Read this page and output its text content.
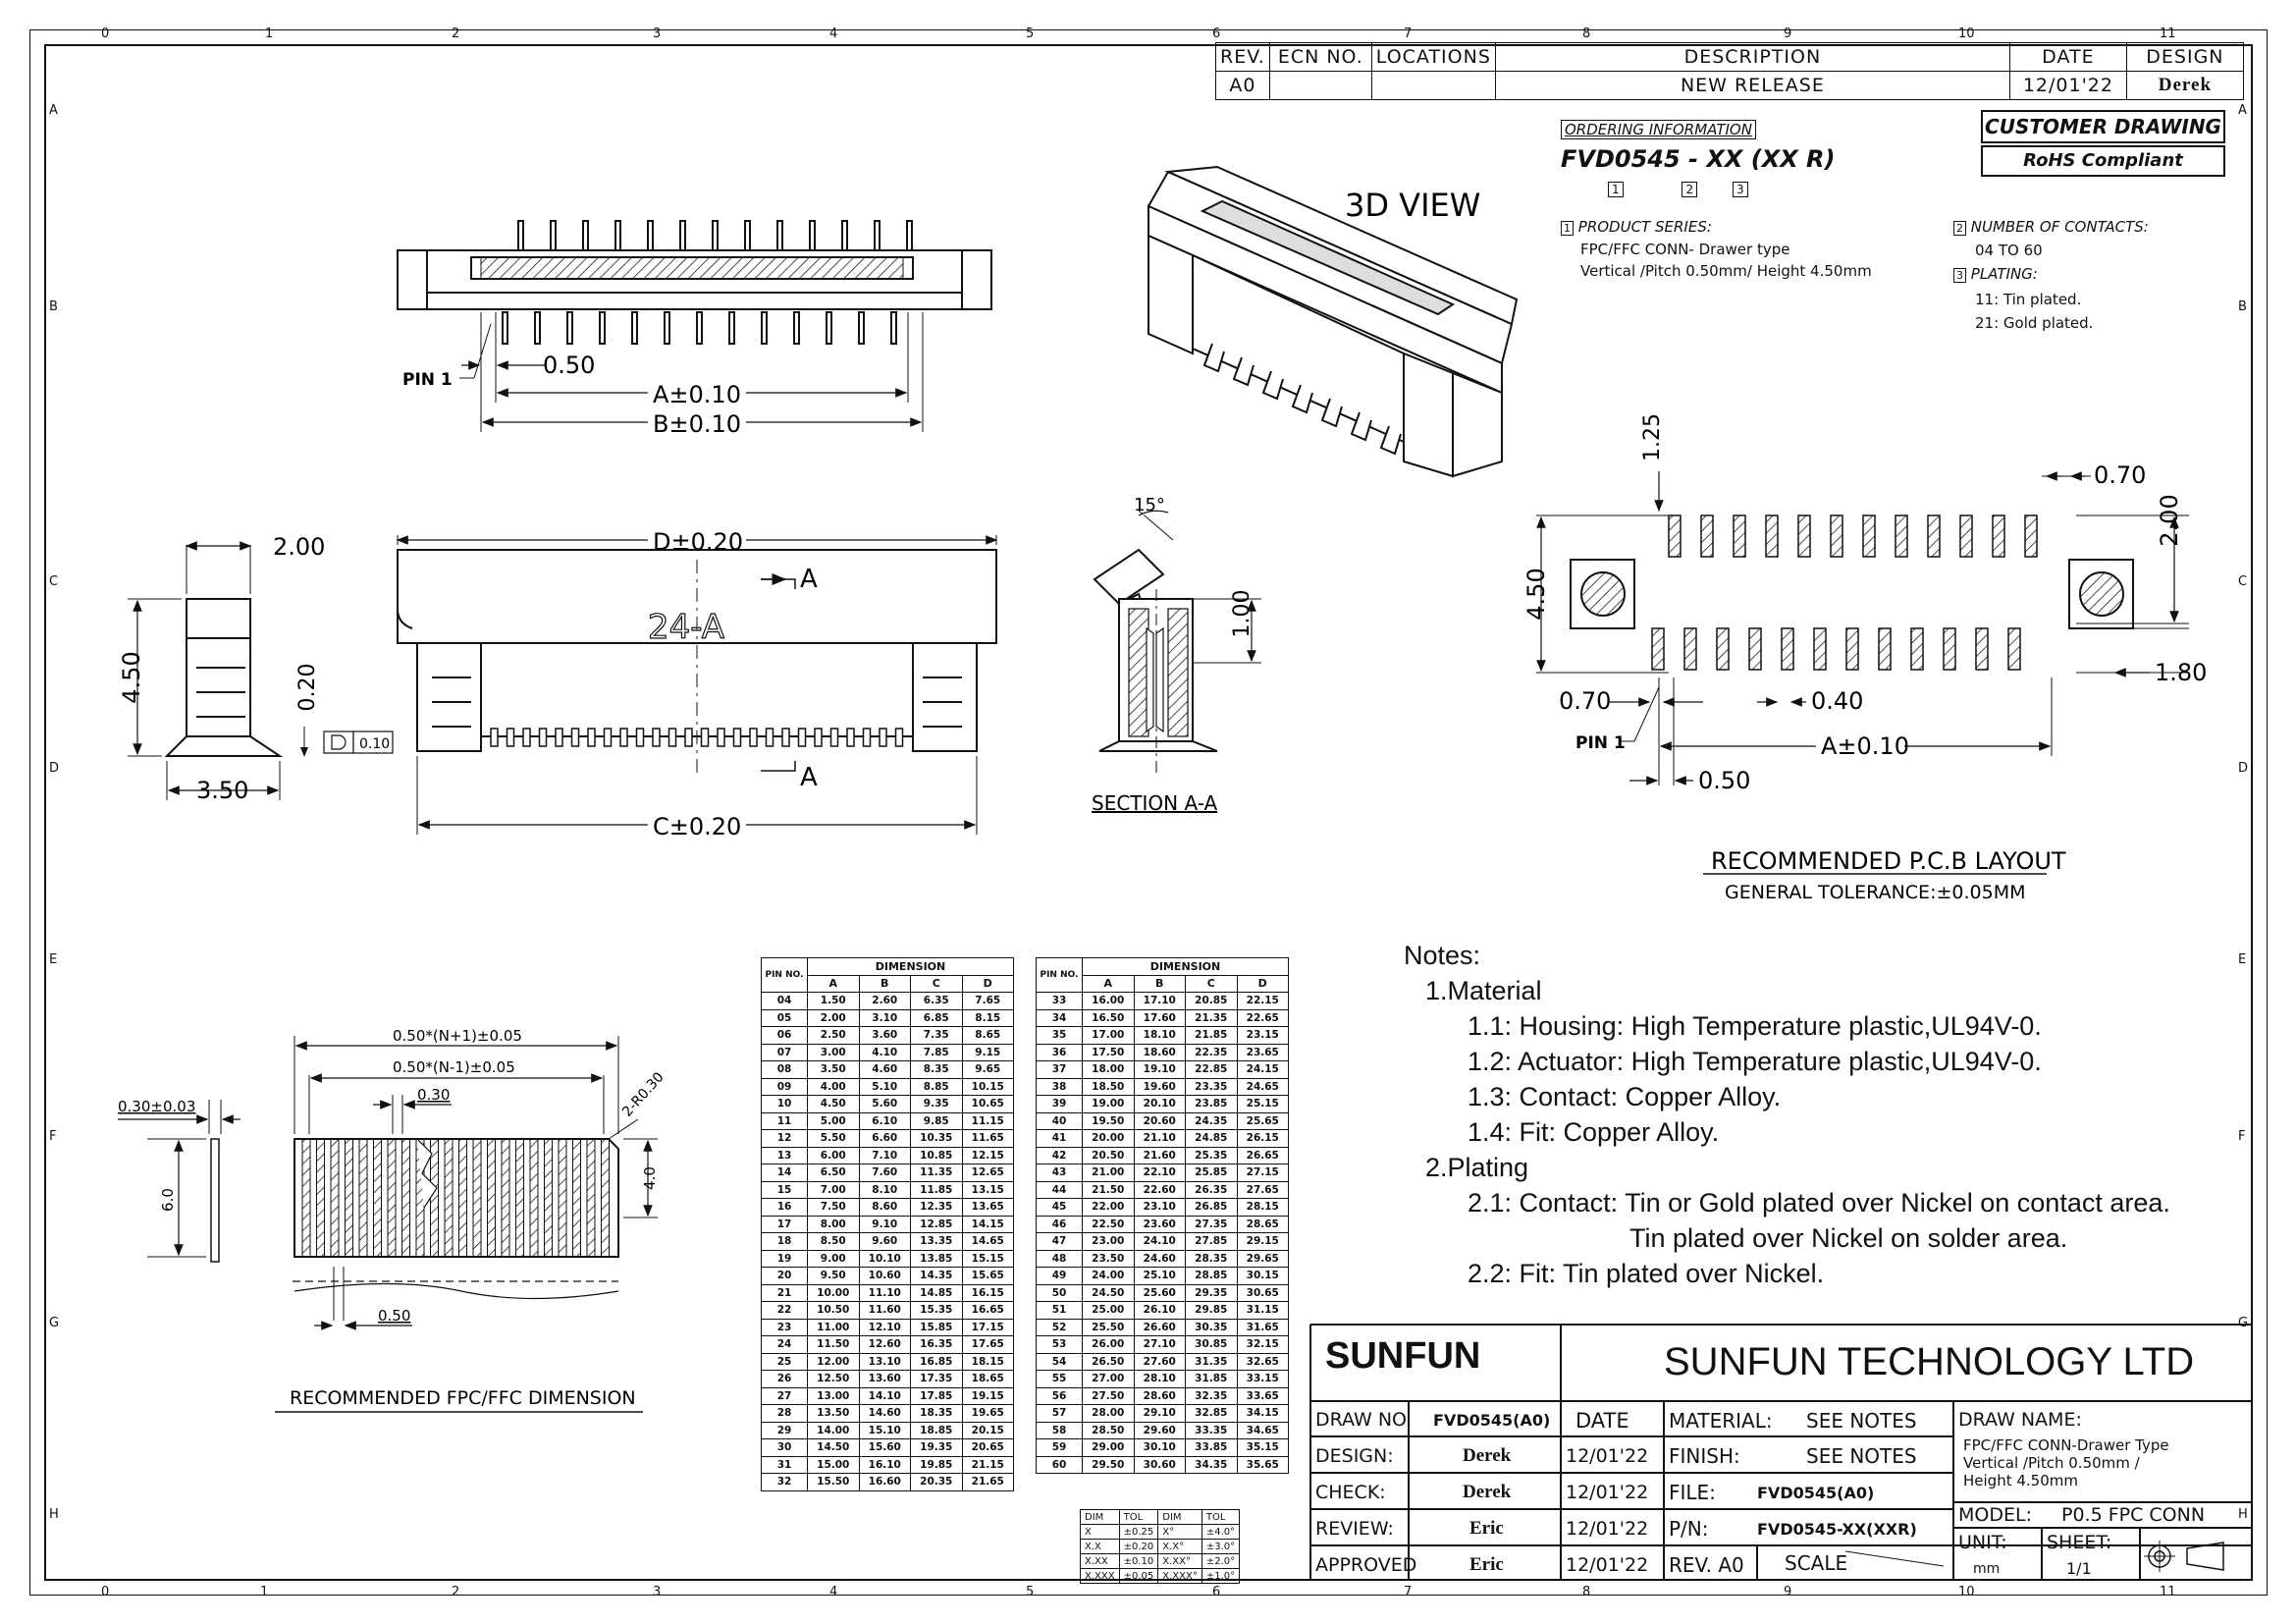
0	1	2	3	4	5	6	7	8	9	10	11
0	1	2	3	4	5	6	7	8	9	10	11
A
B
C
D
E
F
G
H
A
B
C
D
E
F
G
H
REV.	ECN NO.	LOCATIONS	DESCRIPTION	DATE	DESIGN
A0			NEW RELEASE	12/01'22	Derek
ORDERING INFORMATION
FVD0545 - XX (XX R)
1	2	3
1 PRODUCT SERIES:
FPC/FFC CONN- Drawer type
Vertical /Pitch 0.50mm/ Height 4.50mm
2 NUMBER OF CONTACTS:
04 TO 60
3 PLATING:
11: Tin plated.
21: Gold plated.
CUSTOMER DRAWING
RoHS Compliant
PIN 1
0.50
A±0.10
B±0.10
3D VIEW
2.00
4.50	0.20
3.50
0.10
D±0.20
C±0.20
24-A
A
A
15°
1.00
SECTION A-A
1.25
0.70
2.00
4.50
1.80
0.70	0.40
A±0.10
PIN 1
0.50
RECOMMENDED P.C.B LAYOUT
GENERAL TOLERANCE:±0.05MM
0.50*(N+1)±0.05
0.50*(N-1)±0.05
0.30
0.30±0.03	2-R0.30
6.0
4.0
0.50
RECOMMENDED FPC/FFC DIMENSION
Notes:
1.Material
1.1: Housing: High Temperature plastic,UL94V-0.
1.2: Actuator: High Temperature plastic,UL94V-0.
1.3: Contact: Copper Alloy.
1.4: Fit: Copper Alloy.
2.Plating
2.1: Contact: Tin or Gold plated over Nickel on contact area.
Tin plated over Nickel on solder area.
2.2: Fit: Tin plated over Nickel.
PIN NO.	DIMENSION			
	A	B	C	D
04	1.50	2.60	6.35	7.65
05	2.00	3.10	6.85	8.15
06	2.50	3.60	7.35	8.65
07	3.00	4.10	7.85	9.15
08	3.50	4.60	8.35	9.65
09	4.00	5.10	8.85	10.15
10	4.50	5.60	9.35	10.65
11	5.00	6.10	9.85	11.15
12	5.50	6.60	10.35	11.65
13	6.00	7.10	10.85	12.15
14	6.50	7.60	11.35	12.65
15	7.00	8.10	11.85	13.15
16	7.50	8.60	12.35	13.65
17	8.00	9.10	12.85	14.15
18	8.50	9.60	13.35	14.65
19	9.00	10.10	13.85	15.15
20	9.50	10.60	14.35	15.65
21	10.00	11.10	14.85	16.15
22	10.50	11.60	15.35	16.65
23	11.00	12.10	15.85	17.15
24	11.50	12.60	16.35	17.65
25	12.00	13.10	16.85	18.15
26	12.50	13.60	17.35	18.65
27	13.00	14.10	17.85	19.15
28	13.50	14.60	18.35	19.65
29	14.00	15.10	18.85	20.15
30	14.50	15.60	19.35	20.65
31	15.00	16.10	19.85	21.15
32	15.50	16.60	20.35	21.65
PIN NO.	DIMENSION			
	A	B	C	D
33	16.00	17.10	20.85	22.15
34	16.50	17.60	21.35	22.65
35	17.00	18.10	21.85	23.15
36	17.50	18.60	22.35	23.65
37	18.00	19.10	22.85	24.15
38	18.50	19.60	23.35	24.65
39	19.00	20.10	23.85	25.15
40	19.50	20.60	24.35	25.65
41	20.00	21.10	24.85	26.15
42	20.50	21.60	25.35	26.65
43	21.00	22.10	25.85	27.15
44	21.50	22.60	26.35	27.65
45	22.00	23.10	26.85	28.15
46	22.50	23.60	27.35	28.65
47	23.00	24.10	27.85	29.15
48	23.50	24.60	28.35	29.65
49	24.00	25.10	28.85	30.15
50	24.50	25.60	29.35	30.65
51	25.00	26.10	29.85	31.15
52	25.50	26.60	30.35	31.65
53	26.00	27.10	30.85	32.15
54	26.50	27.60	31.35	32.65
55	27.00	28.10	31.85	33.15
56	27.50	28.60	32.35	33.65
57	28.00	29.10	32.85	34.15
58	28.50	29.60	33.35	34.65
59	29.00	30.10	33.85	35.15
60	29.50	30.60	34.35	35.65
DIM	TOL	DIM	TOL
X	±0.25	X°	±4.0°
X.X	±0.20	X.X°	±3.0°
X.XX	±0.10	X.XX°	±2.0°
X.XXX	±0.05	X.XXX°	±1.0°
SUNFUN	SUNFUN TECHNOLOGY LTD
DRAW NO. FVD0545(A0) DATE
DESIGN:	Derek	12/01'22
CHECK:	Derek	12/01'22
REVIEW:	Eric	12/01'22
APPROVED	Eric	12/01'22
MATERIAL: SEE NOTES
FINISH:	SEE NOTES
FILE:	FVD0545(A0)
P/N:	FVD0545-XX(XXR)
REV. A0 SCALE
DRAW NAME:
FPC/FFC CONN-Drawer Type
Vertical /Pitch 0.50mm /
Height 4.50mm
MODEL: P0.5 FPC CONN
UNIT:
mm
SHEET:
1/1
